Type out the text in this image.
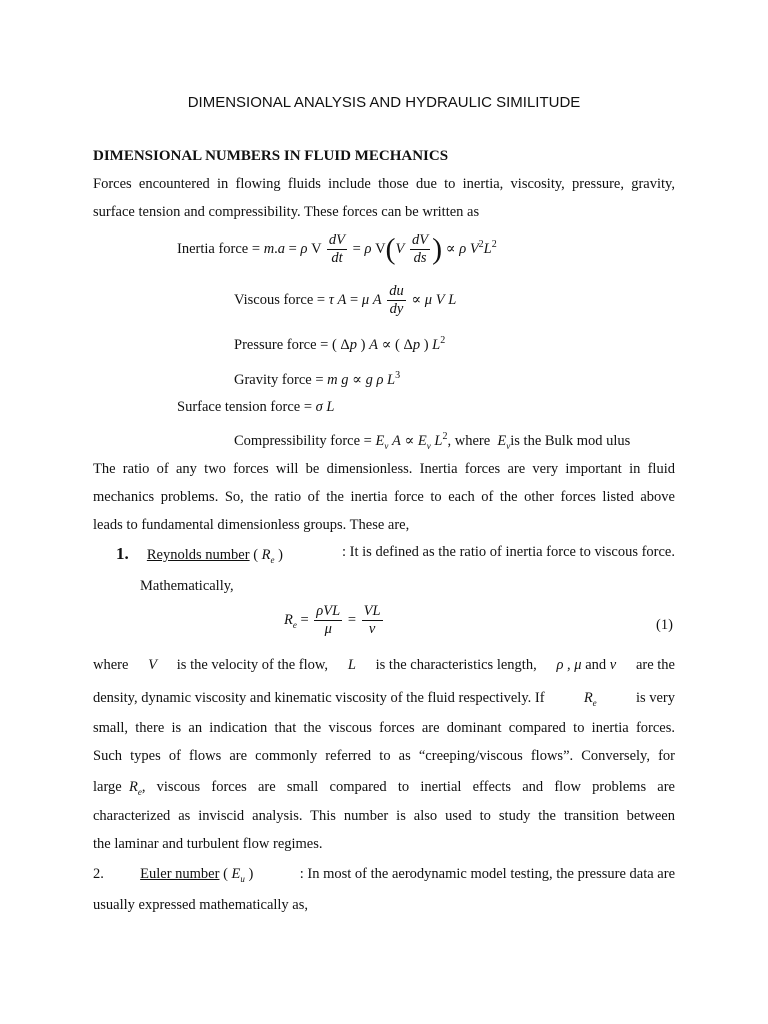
DIMENSIONAL ANALYSIS AND HYDRAULIC SIMILITUDE
DIMENSIONAL NUMBERS IN FLUID MECHANICS
Forces encountered in flowing fluids include those due to inertia, viscosity, pressure, gravity,
surface tension and compressibility. These forces can be written as
Inertia force = m.a = ρ V $\frac{dV}{dt} = \rho$ $V(V \frac{dV}{ds}$ ) ∝ ρ $V^2L^2$
Viscous force = τ A = μ A $\frac{du}{dy} \propto \mu$ V L
Pressure force = ( Δp ) A ∝ ( Δp ) $L^2$
Gravity force = m g ∝ g ρ $L^3$
Surface tension force = σ L
Compressibility force = $E_v$ $A \propto E_v$ $L^2$, where $E_vis$ the Bulk mod ulus
The ratio of any two forces will be dimensionless. Inertia forces are very important in fluid
mechanics problems. So, the ratio of the inertia force to each of the other forces listed above
leads to fundamental dimensionless groups. These are,
1. Reynolds number ( $R_e$ )	: It is defined as the ratio of inertia force to viscous force.
Mathematically,
$R_e = \frac{\text{ρVL}}{\mu} = \frac{VL}{\nu}$	(1)
where V is the velocity of the flow, L is the characteristics length, ρ , μ and ν are the
density, dynamic viscosity and kinematic viscosity of the fluid respectively. If	$R_e$	is very
small, there is an indication that the viscous forces are dominant compared to inertia forces.
Such types of flows are commonly referred to as “creeping/viscous flows”. Conversely, for
large $R_e$ , viscous forces are small compared to inertial effects and flow problems are
characterized as inviscid analysis. This number is also used to study the transition between
the laminar and turbulent flow regimes.
2.	Euler number ( $E_u$ )	: In most of the aerodynamic model testing, the pressure data are
usually expressed mathematically as,
